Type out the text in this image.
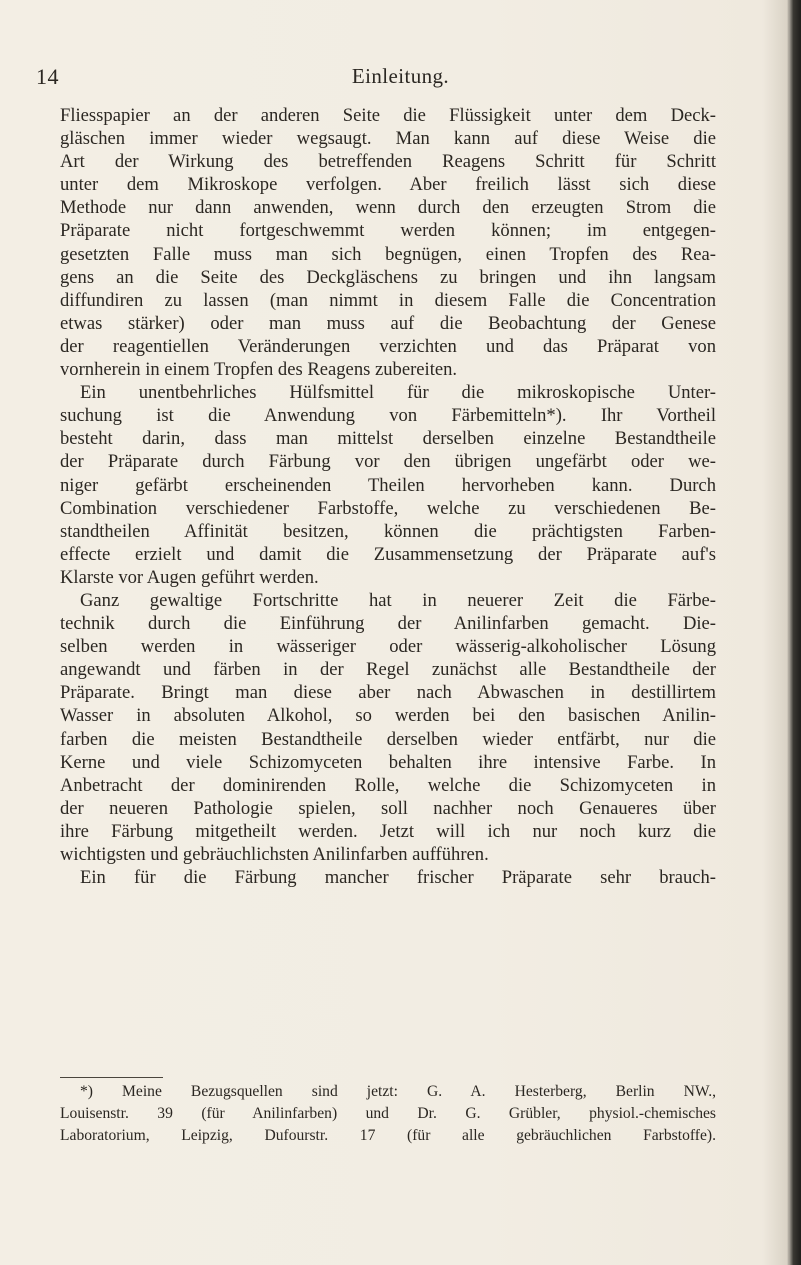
14	Einleitung.
Fliesspapier an der anderen Seite die Flüssigkeit unter dem Deck-
gläschen immer wieder wegsaugt. Man kann auf diese Weise die
Art der Wirkung des betreffenden Reagens Schritt für Schritt
unter dem Mikroskope verfolgen. Aber freilich lässt sich diese
Methode nur dann anwenden, wenn durch den erzeugten Strom die
Präparate nicht fortgeschwemmt werden können; im entgegen-
gesetzten Falle muss man sich begnügen, einen Tropfen des Rea-
gens an die Seite des Deckgläschens zu bringen und ihn langsam
diffundiren zu lassen (man nimmt in diesem Falle die Concentration
etwas stärker) oder man muss auf die Beobachtung der Genese
der reagentiellen Veränderungen verzichten und das Präparat von
vornherein in einem Tropfen des Reagens zubereiten.
Ein unentbehrliches Hülfsmittel für die mikroskopische Unter-
suchung ist die Anwendung von Färbemitteln*). Ihr Vortheil
besteht darin, dass man mittelst derselben einzelne Bestandtheile
der Präparate durch Färbung vor den übrigen ungefärbt oder we-
niger gefärbt erscheinenden Theilen hervorheben kann. Durch
Combination verschiedener Farbstoffe, welche zu verschiedenen Be-
standtheilen Affinität besitzen, können die prächtigsten Farben-
effecte erzielt und damit die Zusammensetzung der Präparate auf's
Klarste vor Augen geführt werden.
Ganz gewaltige Fortschritte hat in neuerer Zeit die Färbe-
technik durch die Einführung der Anilinfarben gemacht. Die-
selben werden in wässeriger oder wässerig-alkoholischer Lösung
angewandt und färben in der Regel zunächst alle Bestandtheile der
Präparate. Bringt man diese aber nach Abwaschen in destillirtem
Wasser in absoluten Alkohol, so werden bei den basischen Anilin-
farben die meisten Bestandtheile derselben wieder entfärbt, nur die
Kerne und viele Schizomyceten behalten ihre intensive Farbe. In
Anbetracht der dominirenden Rolle, welche die Schizomyceten in
der neueren Pathologie spielen, soll nachher noch Genaueres über
ihre Färbung mitgetheilt werden. Jetzt will ich nur noch kurz die
wichtigsten und gebräuchlichsten Anilinfarben aufführen.
Ein für die Färbung mancher frischer Präparate sehr brauch-
*) Meine Bezugsquellen sind jetzt: G. A. Hesterberg, Berlin NW.,
Louisenstr. 39 (für Anilinfarben) und Dr. G. Grübler, physiol.-chemisches
Laboratorium, Leipzig, Dufourstr. 17 (für alle gebräuchlichen Farbstoffe).
